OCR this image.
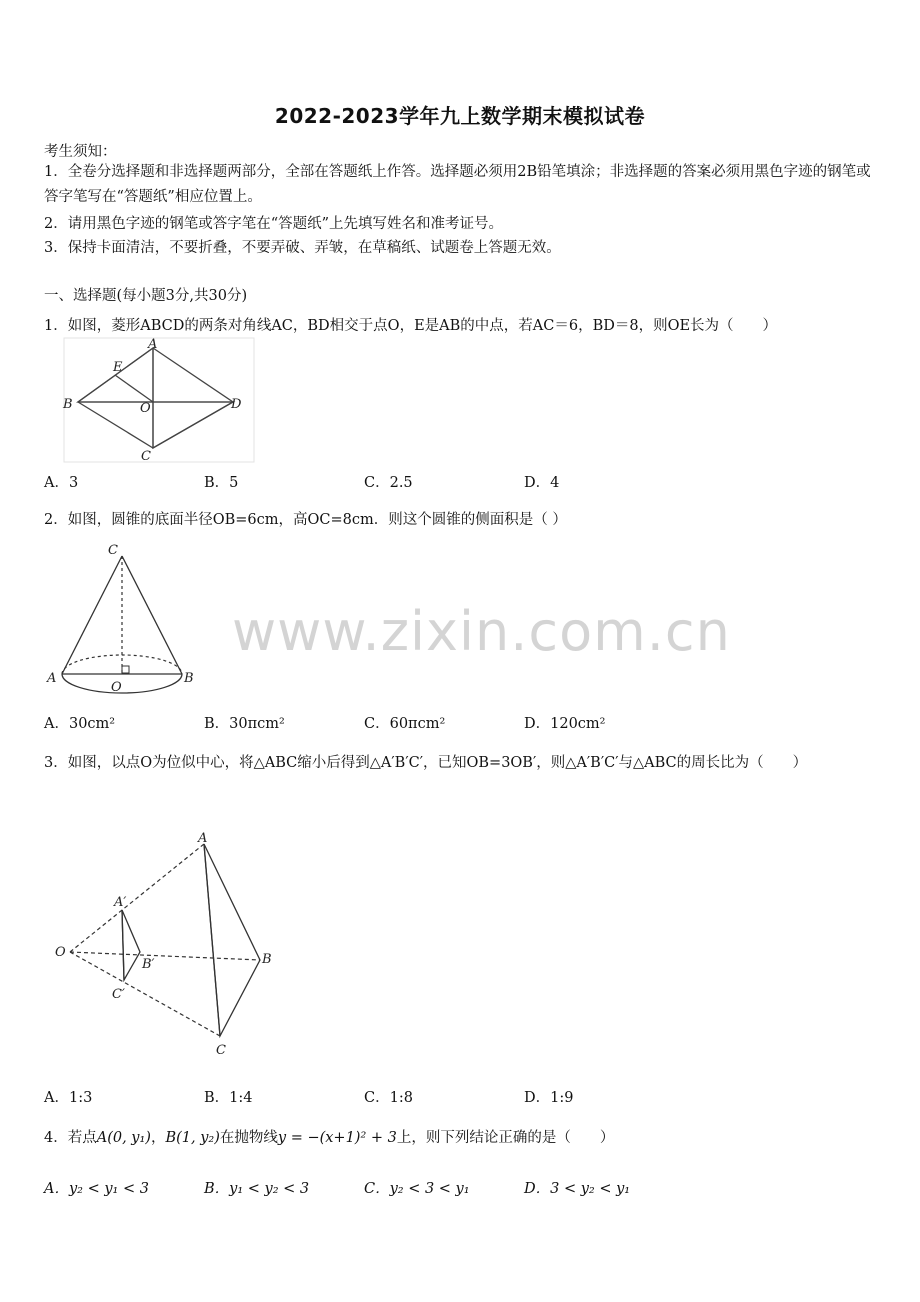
2022-2023学年九上数学期末模拟试卷
考生须知：
1．全卷分选择题和非选择题两部分，全部在答题纸上作答。选择题必须用2B铅笔填涂；非选择题的答案必须用黑色字迹的钢笔或答字笔写在“答题纸”相应位置上。
2．请用黑色字迹的钢笔或答字笔在“答题纸”上先填写姓名和准考证号。
3．保持卡面清洁，不要折叠，不要弄破、弄皱，在草稿纸、试题卷上答题无效。
一、选择题(每小题3分,共30分)
1．如图，菱形ABCD的两条对角线AC，BD相交于点O，E是AB的中点，若AC＝6，BD＝8，则OE长为（　　）
A
B
C
D
E
O
A．3	B．5	C．2.5	D．4
2．如图，圆锥的底面半径OB=6cm，高OC=8cm．则这个圆锥的侧面积是（ ）
C
A
O
B
A．30cm²	B．30πcm²	C．60πcm²	D．120cm²
3．如图，以点O为位似中心，将△ABC缩小后得到△A′B′C′，已知OB=3OB′，则△A′B′C′与△ABC的周长比为（　　）
A
A′
O
B′	B
C′
C
A．1:3	B．1:4	C．1:8	D．1:9
4．若点A(0, y₁)，B(1, y₂)在抛物线y = −(x+1)² + 3上，则下列结论正确的是（　　）
A．y₂ < y₁ < 3	B．y₁ < y₂ < 3	C．y₂ < 3 < y₁	D．3 < y₂ < y₁
www.zixin.com.cn
